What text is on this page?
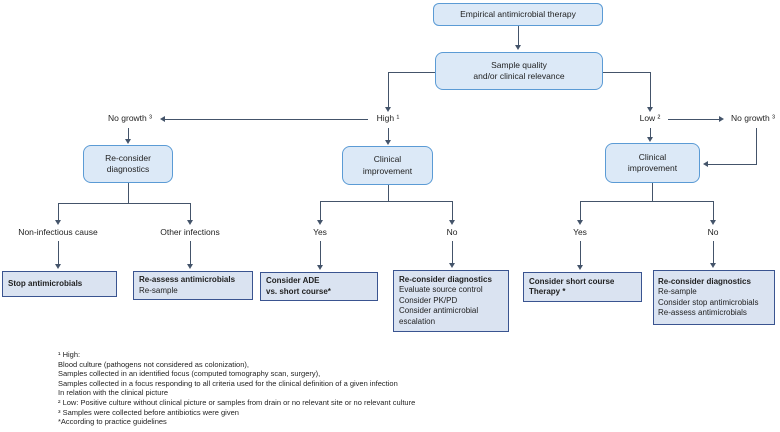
Empirical antimicrobial therapy
Sample quality
and/or clinical relevance
No growth ³	High ¹	Low ²	No growth ³
Re-consider
diagnostics
Clinical
improvement
Clinical
improvement
Non-infectious cause	Other infections	Yes	No	Yes	No
Stop antimicrobials	Re-assess antimicrobials
Re-sample
Consider ADE
vs. short course*
Re-consider diagnostics
Evaluate source control
Consider PK/PD
Consider antimicrobial escalation
Consider short course
Therapy *
Re-consider diagnostics
Re-sample
Consider stop antimicrobials
Re-assess antimicrobials
¹ High:
Blood culture (pathogens not considered as colonization),
Samples collected in an identified focus (computed tomography scan, surgery),
Samples collected in a focus responding to all criteria used for the clinical definition of a given infection
In relation with the clinical picture
² Low: Positive culture without clinical picture or samples from drain or no relevant site or no relevant culture
³ Samples were collected before antibiotics were given
*According to practice guidelines
